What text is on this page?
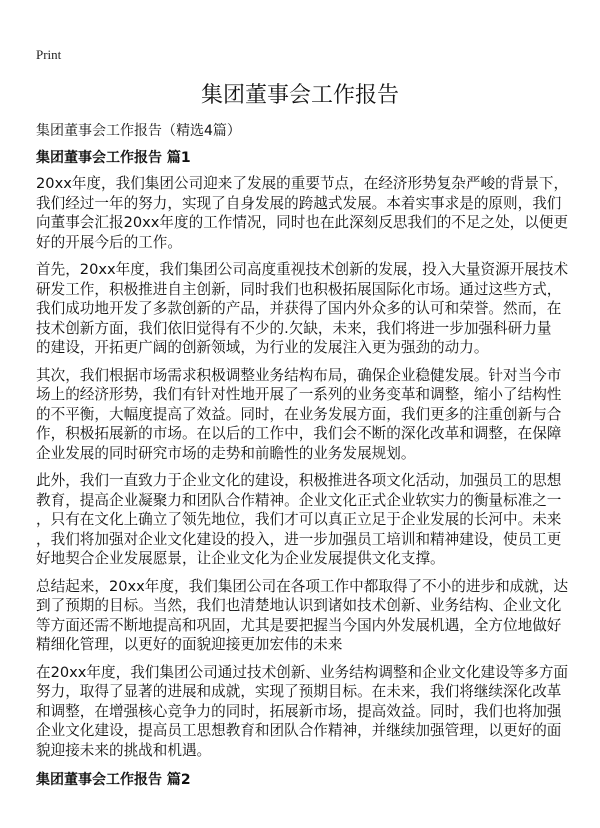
Print
集团董事会工作报告
集团董事会工作报告（精选4篇）
集团董事会工作报告 篇1
20xx年度，我们集团公司迎来了发展的重要节点，在经济形势复杂严峻的背景下，
我们经过一年的努力，实现了自身发展的跨越式发展。本着实事求是的原则，我们
向董事会汇报20xx年度的工作情况，同时也在此深刻反思我们的不足之处，以便更
好的开展今后的工作。
首先，20xx年度，我们集团公司高度重视技术创新的发展，投入大量资源开展技术
研发工作，积极推进自主创新，同时我们也积极拓展国际化市场。通过这些方式，
我们成功地开发了多款创新的产品，并获得了国内外众多的认可和荣誉。然而，在
技术创新方面，我们依旧觉得有不少的.欠缺，未来，我们将进一步加强科研力量
的建设，开拓更广阔的创新领域，为行业的发展注入更为强劲的动力。
其次，我们根据市场需求积极调整业务结构布局，确保企业稳健发展。针对当今市
场上的经济形势，我们有针对性地开展了一系列的业务变革和调整，缩小了结构性
的不平衡，大幅度提高了效益。同时，在业务发展方面，我们更多的注重创新与合
作，积极拓展新的市场。在以后的工作中，我们会不断的深化改革和调整，在保障
企业发展的同时研究市场的走势和前瞻性的业务发展规划。
此外，我们一直致力于企业文化的建设，积极推进各项文化活动，加强员工的思想
教育，提高企业凝聚力和团队合作精神。企业文化正式企业软实力的衡量标准之一
，只有在文化上确立了领先地位，我们才可以真正立足于企业发展的长河中。未来
，我们将加强对企业文化建设的投入，进一步加强员工培训和精神建设，使员工更
好地契合企业发展愿景，让企业文化为企业发展提供文化支撑。
总结起来，20xx年度，我们集团公司在各项工作中都取得了不小的进步和成就，达
到了预期的目标。当然，我们也清楚地认识到诸如技术创新、业务结构、企业文化
等方面还需不断地提高和巩固，尤其是要把握当今国内外发展机遇，全方位地做好
精细化管理，以更好的面貌迎接更加宏伟的未来
在20xx年度，我们集团公司通过技术创新、业务结构调整和企业文化建设等多方面
努力，取得了显著的进展和成就，实现了预期目标。在未来，我们将继续深化改革
和调整，在增强核心竞争力的同时，拓展新市场，提高效益。同时，我们也将加强
企业文化建设，提高员工思想教育和团队合作精神，并继续加强管理，以更好的面
貌迎接未来的挑战和机遇。
集团董事会工作报告 篇2
